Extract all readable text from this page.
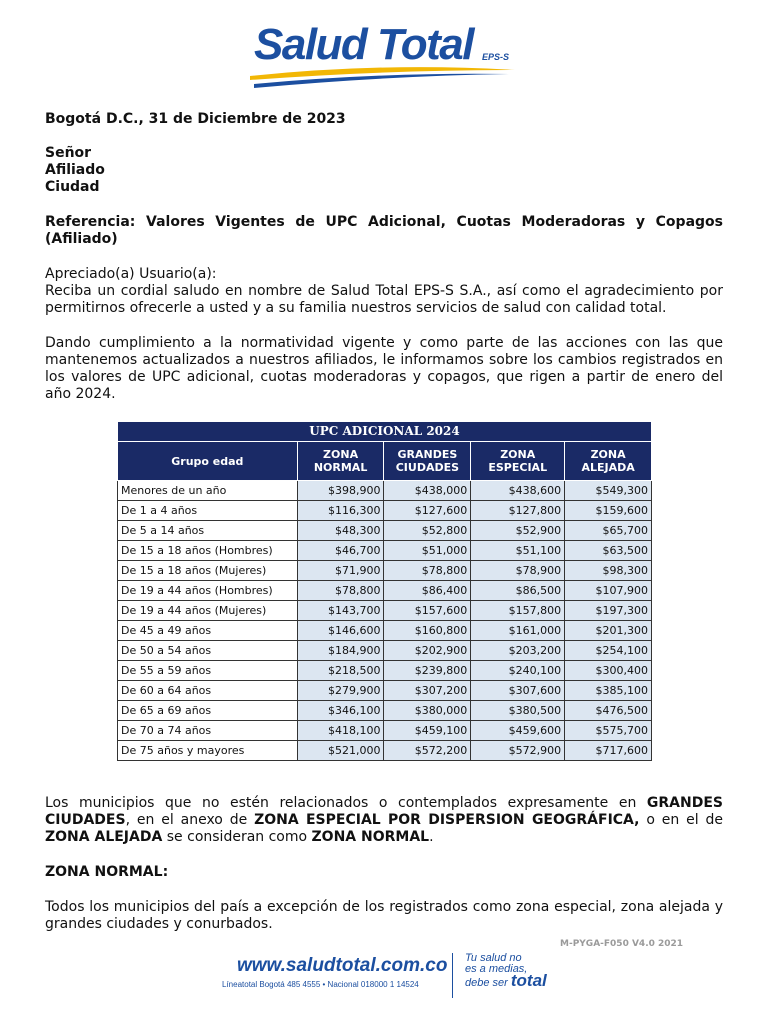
Salud Total EPS-S
Bogotá D.C., 31 de Diciembre de 2023
Señor
Afiliado
Ciudad

Referencia: Valores Vigentes de UPC Adicional, Cuotas Moderadoras y Copagos (Afiliado)

Apreciado(a) Usuario(a):

Reciba un cordial saludo en nombre de Salud Total EPS-S S.A., así como el agradecimiento por permitirnos ofrecerle a usted y a su familia nuestros servicios de salud con calidad total.

Dando cumplimiento a la normatividad vigente y como parte de las acciones con las que mantenemos actualizados a nuestros afiliados, le informamos sobre los cambios registrados en los valores de UPC adicional, cuotas moderadoras y copagos, que rigen a partir de enero del año 2024.

UPC ADICIONAL 2024				
Grupo edad	ZONA NORMAL	GRANDES CIUDADES	ZONA ESPECIAL	ZONA ALEJADA
Menores de un año	$398,900	$438,000	$438,600	$549,300
De 1 a 4 años	$116,300	$127,600	$127,800	$159,600
De 5 a 14 años	$48,300	$52,800	$52,900	$65,700
De 15 a 18 años (Hombres)	$46,700	$51,000	$51,100	$63,500
De 15 a 18 años (Mujeres)	$71,900	$78,800	$78,900	$98,300
De 19 a 44 años (Hombres)	$78,800	$86,400	$86,500	$107,900
De 19 a 44 años (Mujeres)	$143,700	$157,600	$157,800	$197,300
De 45 a 49 años	$146,600	$160,800	$161,000	$201,300
De 50 a 54 años	$184,900	$202,900	$203,200	$254,100
De 55 a 59 años	$218,500	$239,800	$240,100	$300,400
De 60 a 64 años	$279,900	$307,200	$307,600	$385,100
De 65 a 69 años	$346,100	$380,000	$380,500	$476,500
De 70 a 74 años	$418,100	$459,100	$459,600	$575,700
De 75 años y mayores	$521,000	$572,200	$572,900	$717,600

Los municipios que no estén relacionados o contemplados expresamente en GRANDES CIUDADES, en el anexo de ZONA ESPECIAL POR DISPERSION GEOGRÁFICA, o en el de ZONA ALEJADA se consideran como ZONA NORMAL.

ZONA NORMAL:

Todos los municipios del país a excepción de los registrados como zona especial, zona alejada y grandes ciudades y conurbados.

M-PYGA-F050 V4.0 2021
www.saludtotal.com.co
Líneatotal Bogotá 485 4555 • Nacional 018000 1 14524
Tu salud no
es a medias,
debe ser total
